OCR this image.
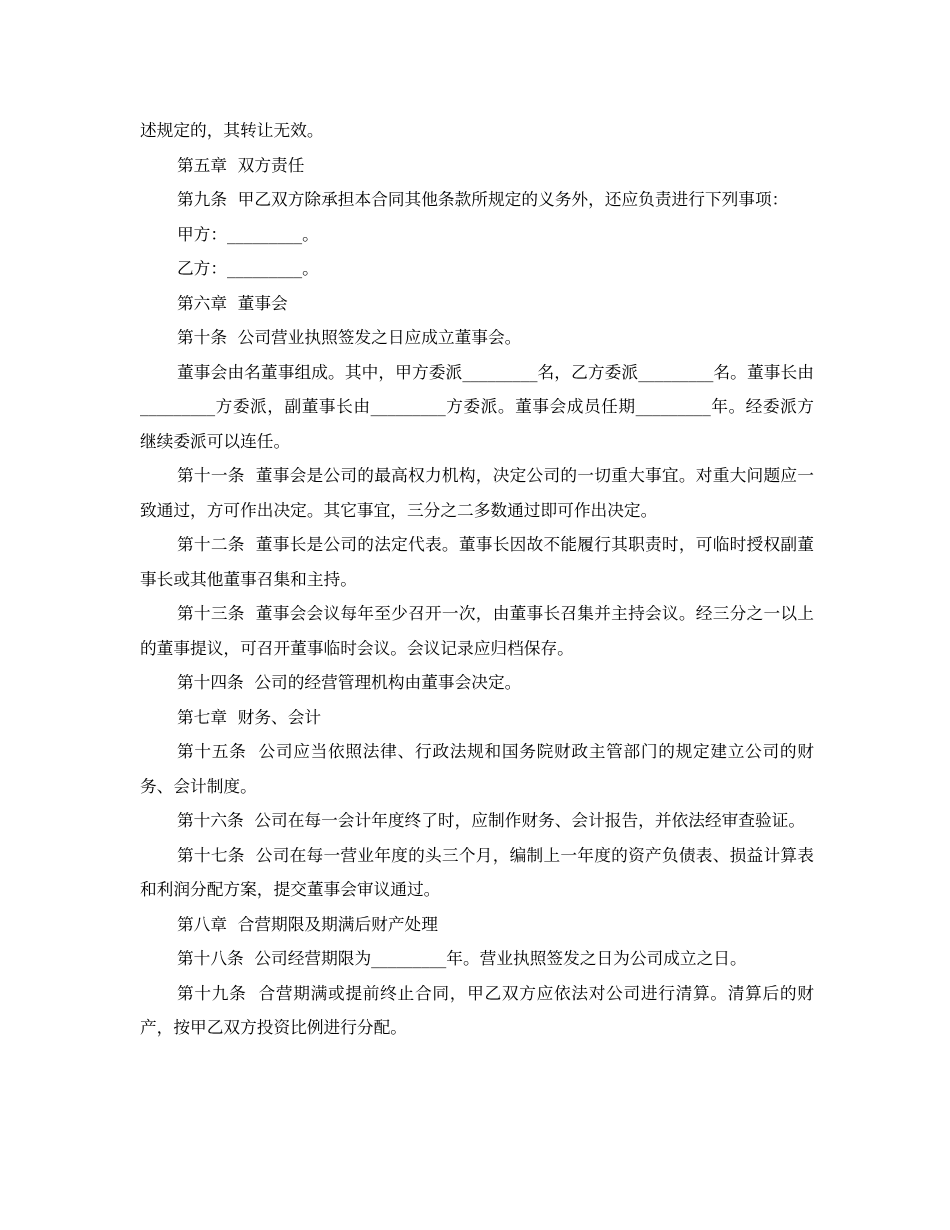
述规定的，其转让无效。

第五章  双方责任

第九条  甲乙双方除承担本合同其他条款所规定的义务外，还应负责进行下列事项：

甲方：_________。

乙方：_________。

第六章  董事会

第十条  公司营业执照签发之日应成立董事会。

董事会由名董事组成。其中，甲方委派_________名，乙方委派_________名。董事长由_________方委派，副董事长由_________方委派。董事会成员任期_________年。经委派方继续委派可以连任。

第十一条  董事会是公司的最高权力机构，决定公司的一切重大事宜。对重大问题应一致通过，方可作出决定。其它事宜，三分之二多数通过即可作出决定。

第十二条  董事长是公司的法定代表。董事长因故不能履行其职责时，可临时授权副董事长或其他董事召集和主持。

第十三条  董事会会议每年至少召开一次，由董事长召集并主持会议。经三分之一以上的董事提议，可召开董事临时会议。会议记录应归档保存。

第十四条  公司的经营管理机构由董事会决定。

第七章  财务、会计

第十五条  公司应当依照法律、行政法规和国务院财政主管部门的规定建立公司的财务、会计制度。

第十六条  公司在每一会计年度终了时，应制作财务、会计报告，并依法经审查验证。

第十七条  公司在每一营业年度的头三个月，编制上一年度的资产负债表、损益计算表和利润分配方案，提交董事会审议通过。

第八章  合营期限及期满后财产处理

第十八条  公司经营期限为_________年。营业执照签发之日为公司成立之日。

第十九条  合营期满或提前终止合同，甲乙双方应依法对公司进行清算。清算后的财产，按甲乙双方投资比例进行分配。
